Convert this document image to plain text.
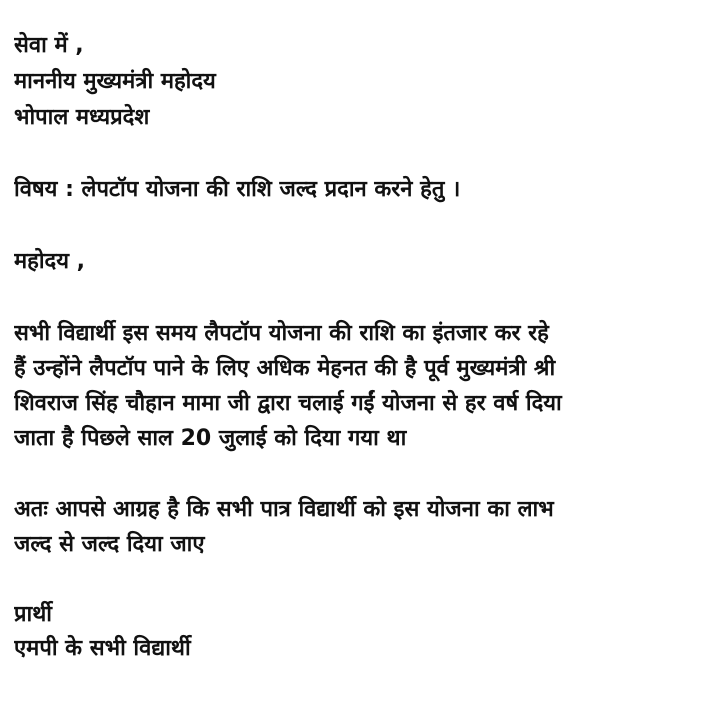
सेवा में ,
माननीय मुख्यमंत्री महोदय
भोपाल मध्यप्रदेश
विषय : लेपटॉप योजना की राशि जल्द प्रदान करने हेतु ।
महोदय ,
सभी विद्यार्थी इस समय लैपटॉप योजना की राशि का इंतजार कर रहे
हैं उन्होंने लैपटॉप पाने के लिए अधिक मेहनत की है पूर्व मुख्यमंत्री श्री
शिवराज सिंह चौहान मामा जी द्वारा चलाई गईं योजना से हर वर्ष दिया
जाता है पिछले साल 20 जुलाई को दिया गया था
अतः आपसे आग्रह है कि सभी पात्र विद्यार्थी को इस योजना का लाभ
जल्द से जल्द दिया जाए
प्रार्थी
एमपी के सभी विद्यार्थी
